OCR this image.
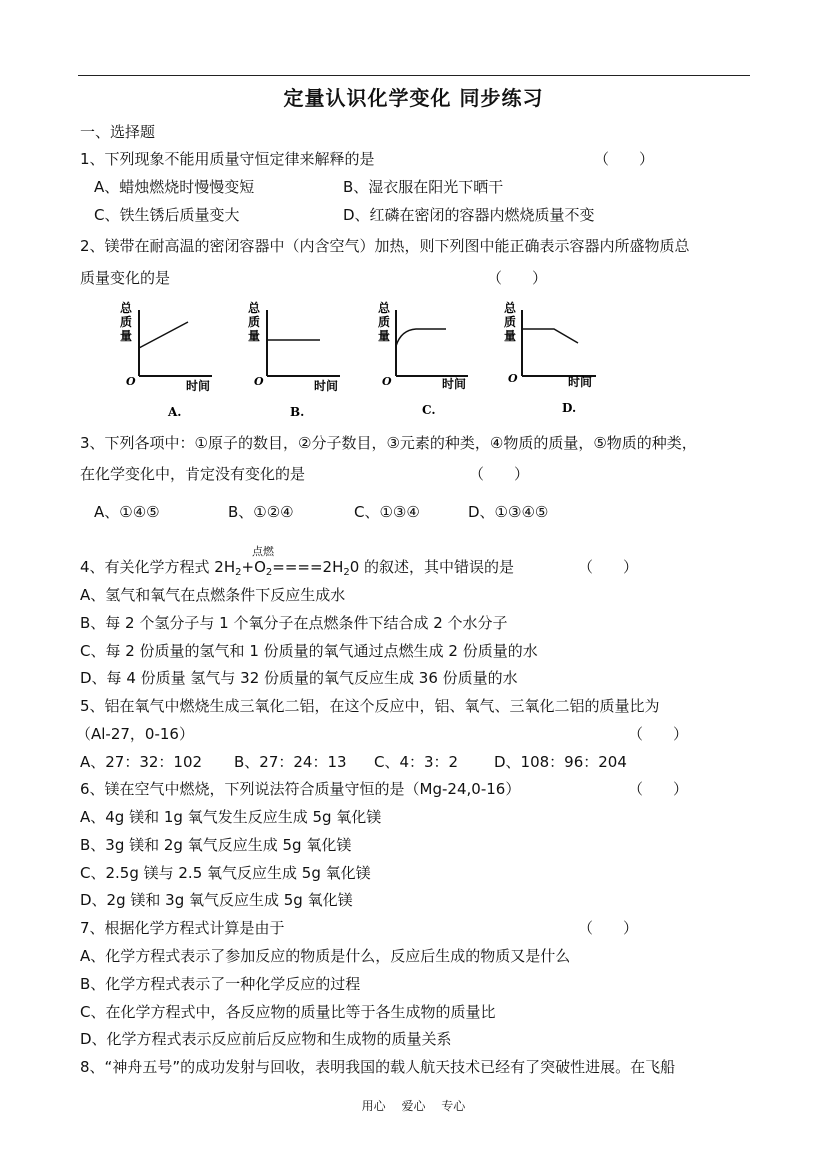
定量认识化学变化 同步练习
一、选择题
1、下列现象不能用质量守恒定律来解释的是	（　　）
A、蜡烛燃烧时慢慢变短	B、湿衣服在阳光下晒干
C、铁生锈后质量变大	D、红磷在密闭的容器内燃烧质量不变
2、镁带在耐高温的密闭容器中（内含空气）加热，则下列图中能正确表示容器内所盛物质总
质量变化的是	（　　）
总
质
量
O	时间
A.
总
质
量
O	时间
B.
总
质
量
O	时间
C.
总
质
量
O	时间
D.
3、下列各项中：①原子的数目，②分子数目，③元素的种类，④物质的质量，⑤物质的种类，
在化学变化中，肯定没有变化的是	（　　）
A、①④⑤	B、①②④	C、①③④	D、①③④⑤
点燃
4、有关化学方程式 $2H_2+O_2====2H_20$ 的叙述，其中错误的是	（　　）
A、氢气和氧气在点燃条件下反应生成水
B、每 2 个氢分子与 1 个氧分子在点燃条件下结合成 2 个水分子
C、每 2 份质量的氢气和 1 份质量的氧气通过点燃生成 2 份质量的水
D、每 4 份质量 氢气与 32 份质量的氧气反应生成 36 份质量的水
5、铝在氧气中燃烧生成三氧化二铝，在这个反应中，铝、氧气、三氧化二铝的质量比为
（Al-27，0-16）	（　　）
A、27：32：102 B、27：24：13 C、4：3：2 D、108：96：204
6、镁在空气中燃烧，下列说法符合质量守恒的是（Mg-24,0-16）	（　　）
A、4g 镁和 1g 氧气发生反应生成 5g 氧化镁
B、3g 镁和 2g 氧气反应生成 5g 氧化镁
C、2.5g 镁与 2.5 氧气反应生成 5g 氧化镁
D、2g 镁和 3g 氧气反应生成 5g 氧化镁
7、根据化学方程式计算是由于	（　　）
A、化学方程式表示了参加反应的物质是什么，反应后生成的物质又是什么
B、化学方程式表示了一种化学反应的过程
C、在化学方程式中，各反应物的质量比等于各生成物的质量比
D、化学方程式表示反应前后反应物和生成物的质量关系
8、“神舟五号”的成功发射与回收，表明我国的载人航天技术已经有了突破性进展。在飞船
用心 爱心 专心
